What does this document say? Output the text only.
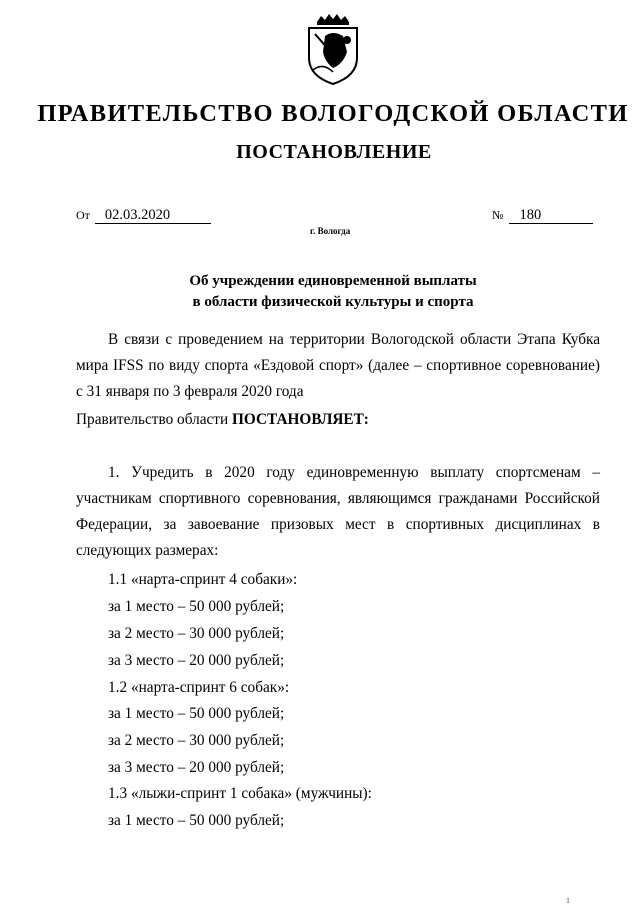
ПРАВИТЕЛЬСТВО ВОЛОГОДСКОЙ ОБЛАСТИ
ПОСТАНОВЛЕНИЕ
От 02.03.2020	№ 180
г. Вологда
Об учреждении единовременной выплаты
в области физической культуры и спорта

В связи с проведением на территории Вологодской области Этапа Кубка мира IFSS по виду спорта «Ездовой спорт» (далее – спортивное соревнование) с 31 января по 3 февраля 2020 года

Правительство области ПОСТАНОВЛЯЕТ:

1. Учредить в 2020 году единовременную выплату спортсменам – участникам спортивного соревнования, являющимся гражданами Российской Федерации, за завоевание призовых мест в спортивных дисциплинах в следующих размерах:

1.1 «нарта-спринт 4 собаки»:
за 1 место – 50 000 рублей;
за 2 место – 30 000 рублей;
за 3 место – 20 000 рублей;
1.2 «нарта-спринт 6 собак»:
за 1 место – 50 000 рублей;
за 2 место – 30 000 рублей;
за 3 место – 20 000 рублей;
1.3 «лыжи-спринт 1 собака» (мужчины):
за 1 место – 50 000 рублей;
1
